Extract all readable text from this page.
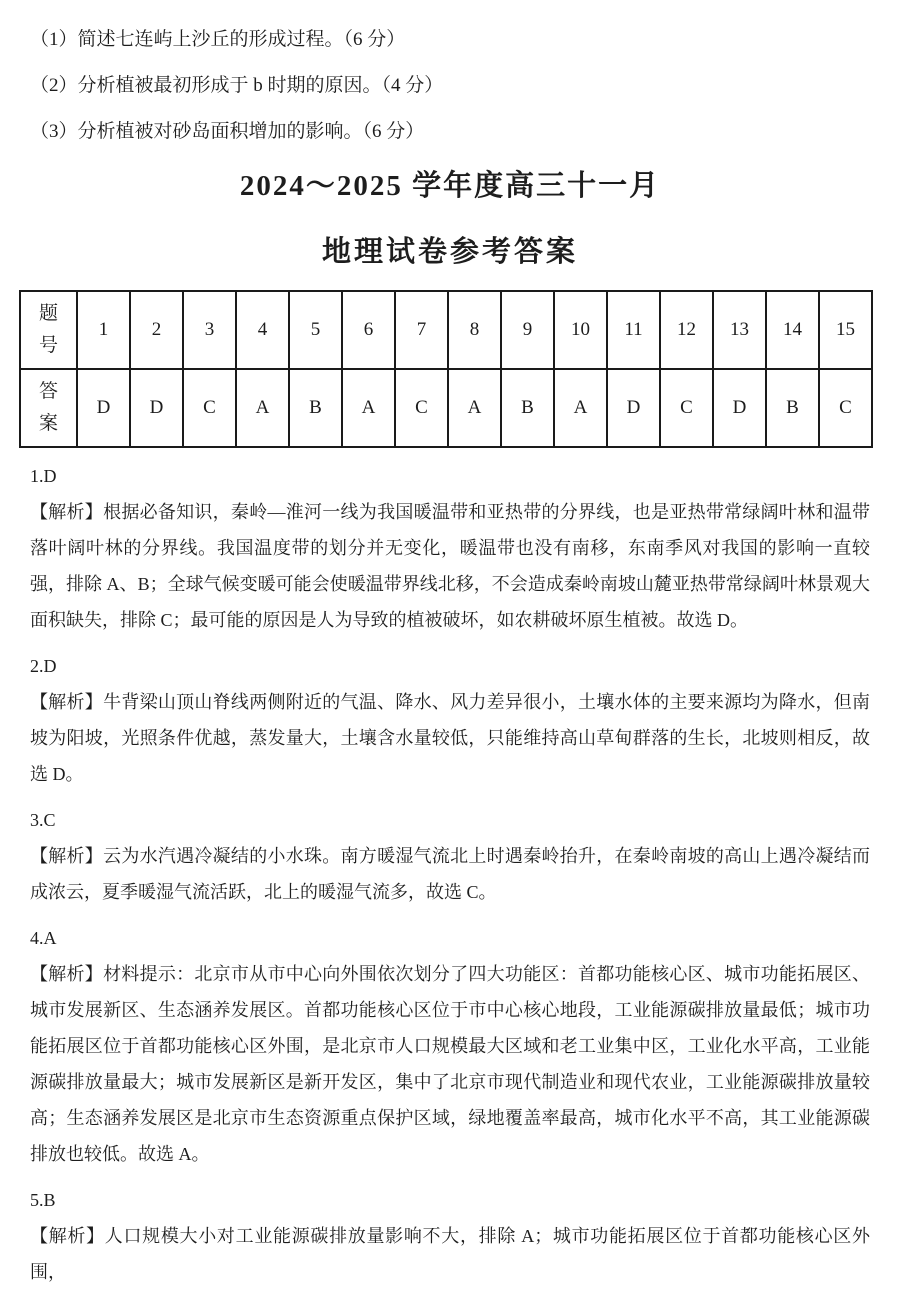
（1）简述七连屿上沙丘的形成过程。（6 分）
（2）分析植被最初形成于 b 时期的原因。（4 分）
（3）分析植被对砂岛面积增加的影响。（6 分）
2024～2025 学年度高三十一月
地理试卷参考答案
题号	1	2	3	4	5	6	7	8	9	10	11	12	13	14	15

答案	D	D	C	A	B	A	C	A	B	A	D	C	D	B	C
1.D
【解析】根据必备知识，秦岭—淮河一线为我国暖温带和亚热带的分界线，也是亚热带常绿阔叶林和温带落叶阔叶林的分界线。我国温度带的划分并无变化，暖温带也没有南移，东南季风对我国的影响一直较强，排除 A、B；全球气候变暖可能会使暖温带界线北移，不会造成秦岭南坡山麓亚热带常绿阔叶林景观大面积缺失，排除 C；最可能的原因是人为导致的植被破坏，如农耕破坏原生植被。故选 D。
2.D
【解析】牛背梁山顶山脊线两侧附近的气温、降水、风力差异很小，土壤水体的主要来源均为降水，但南坡为阳坡，光照条件优越，蒸发量大，土壤含水量较低，只能维持高山草甸群落的生长，北坡则相反，故选 D。
3.C
【解析】云为水汽遇冷凝结的小水珠。南方暖湿气流北上时遇秦岭抬升，在秦岭南坡的高山上遇冷凝结而成浓云，夏季暖湿气流活跃，北上的暖湿气流多，故选 C。
4.A
【解析】材料提示：北京市从市中心向外围依次划分了四大功能区：首都功能核心区、城市功能拓展区、城市发展新区、生态涵养发展区。首都功能核心区位于市中心核心地段，工业能源碳排放量最低；城市功能拓展区位于首都功能核心区外围，是北京市人口规模最大区域和老工业集中区，工业化水平高，工业能源碳排放量最大；城市发展新区是新开发区，集中了北京市现代制造业和现代农业，工业能源碳排放量较高；生态涵养发展区是北京市生态资源重点保护区域，绿地覆盖率最高，城市化水平不高，其工业能源碳排放也较低。故选 A。
5.B
【解析】人口规模大小对工业能源碳排放量影响不大，排除 A；城市功能拓展区位于首都功能核心区外围，
